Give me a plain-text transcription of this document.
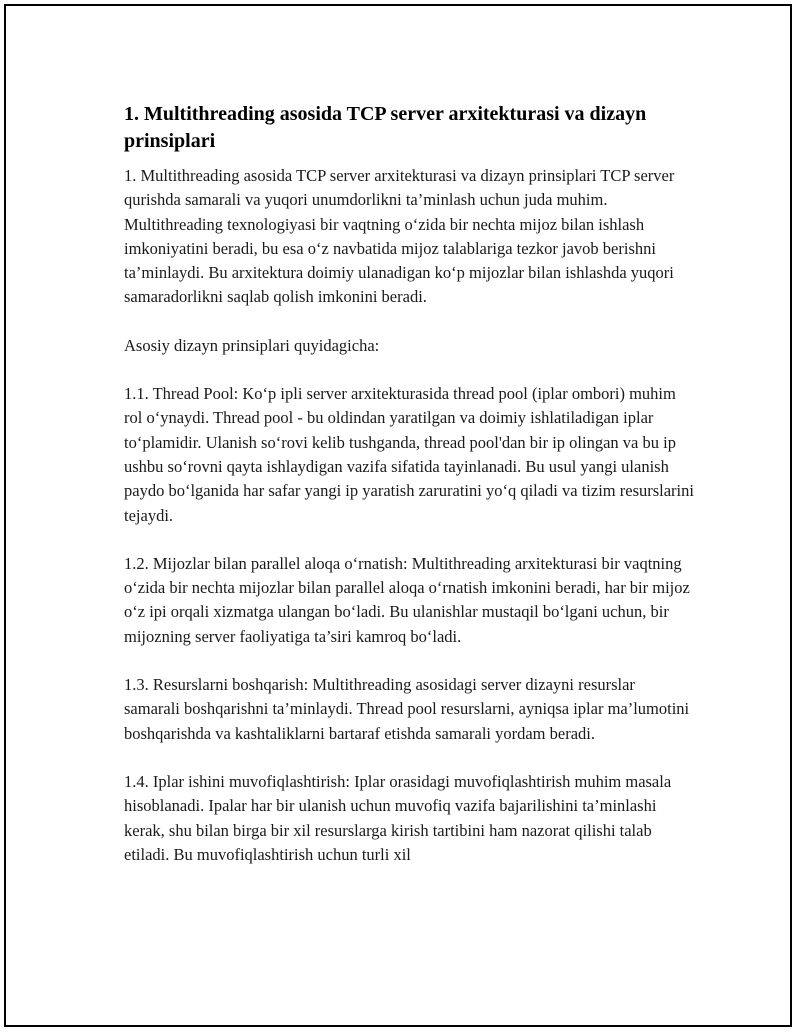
1. Multithreading asosida TCP server arxitekturasi va dizayn prinsiplari

1. Multithreading asosida TCP server arxitekturasi va dizayn prinsiplari TCP server qurishda samarali va yuqori unumdorlikni ta’minlash uchun juda muhim. Multithreading texnologiyasi bir vaqtning o‘zida bir nechta mijoz bilan ishlash imkoniyatini beradi, bu esa o‘z navbatida mijoz talablariga tezkor javob berishni ta’minlaydi. Bu arxitektura doimiy ulanadigan ko‘p mijozlar bilan ishlashda yuqori samaradorlikni saqlab qolish imkonini beradi.

Asosiy dizayn prinsiplari quyidagicha:

1.1. Thread Pool: Ko‘p ipli server arxitekturasida thread pool (iplar ombori) muhim rol o‘ynaydi. Thread pool - bu oldindan yaratilgan va doimiy ishlatiladigan iplar to‘plamidir. Ulanish so‘rovi kelib tushganda, thread pool'dan bir ip olingan va bu ip ushbu so‘rovni qayta ishlaydigan vazifa sifatida tayinlanadi. Bu usul yangi ulanish paydo bo‘lganida har safar yangi ip yaratish zaruratini yo‘q qiladi va tizim resurslarini tejaydi.

1.2. Mijozlar bilan parallel aloqa o‘rnatish: Multithreading arxitekturasi bir vaqtning o‘zida bir nechta mijozlar bilan parallel aloqa o‘rnatish imkonini beradi, har bir mijoz o‘z ipi orqali xizmatga ulangan bo‘ladi. Bu ulanishlar mustaqil bo‘lgani uchun, bir mijozning server faoliyatiga ta’siri kamroq bo‘ladi.

1.3. Resurslarni boshqarish: Multithreading asosidagi server dizayni resurslar samarali boshqarishni ta’minlaydi. Thread pool resurslarni, ayniqsa iplar ma’lumotini boshqarishda va kashtaliklarni bartaraf etishda samarali yordam beradi.

1.4. Iplar ishini muvofiqlashtirish: Iplar orasidagi muvofiqlashtirish muhim masala hisoblanadi. Ipalar har bir ulanish uchun muvofiq vazifa bajarilishini ta’minlashi kerak, shu bilan birga bir xil resurslarga kirish tartibini ham nazorat qilishi talab etiladi. Bu muvofiqlashtirish uchun turli xil
